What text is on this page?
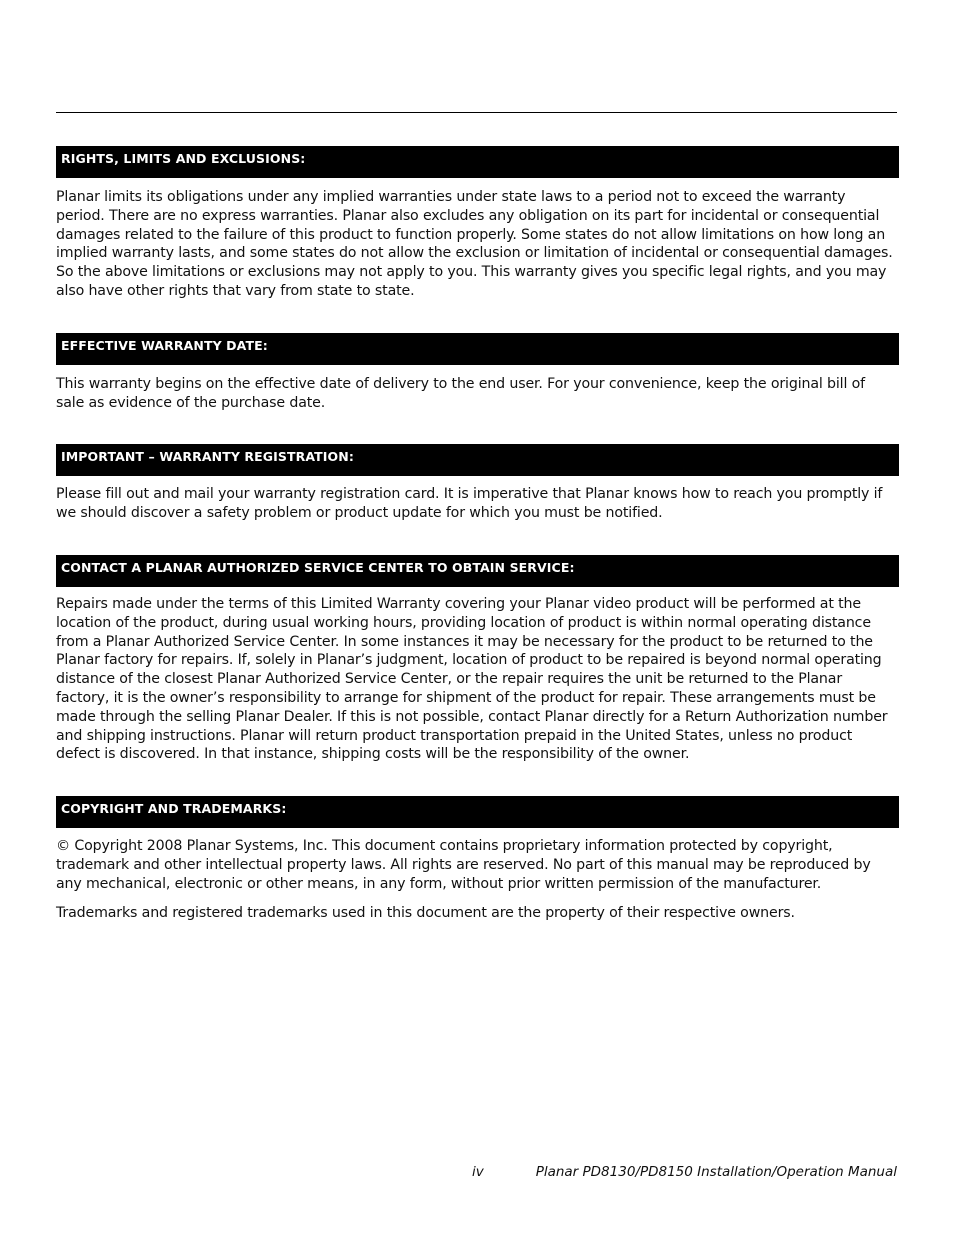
RIGHTS, LIMITS AND EXCLUSIONS:

Planar limits its obligations under any implied warranties under state laws to a period not to exceed the warranty period. There are no express warranties. Planar also excludes any obligation on its part for incidental or consequential damages related to the failure of this product to function properly. Some states do not allow limitations on how long an implied warranty lasts, and some states do not allow the exclusion or limitation of incidental or consequential damages. So the above limitations or exclusions may not apply to you. This warranty gives you specific legal rights, and you may also have other rights that vary from state to state.

EFFECTIVE WARRANTY DATE:

This warranty begins on the effective date of delivery to the end user. For your convenience, keep the original bill of sale as evidence of the purchase date.

IMPORTANT – WARRANTY REGISTRATION:

Please fill out and mail your warranty registration card. It is imperative that Planar knows how to reach you promptly if we should discover a safety problem or product update for which you must be notified.

CONTACT A PLANAR AUTHORIZED SERVICE CENTER TO OBTAIN SERVICE:

Repairs made under the terms of this Limited Warranty covering your Planar video product will be performed at the location of the product, during usual working hours, providing location of product is within normal operating distance from a Planar Authorized Service Center. In some instances it may be necessary for the product to be returned to the Planar factory for repairs. If, solely in Planar’s judgment, location of product to be repaired is beyond normal operating distance of the closest Planar Authorized Service Center, or the repair requires the unit be returned to the Planar factory, it is the owner’s responsibility to arrange for shipment of the product for repair. These arrangements must be made through the selling Planar Dealer. If this is not possible, contact Planar directly for a Return Authorization number and shipping instructions. Planar will return product transportation prepaid in the United States, unless no product defect is discovered. In that instance, shipping costs will be the responsibility of the owner.

COPYRIGHT AND TRADEMARKS:

© Copyright 2008 Planar Systems, Inc. This document contains proprietary information protected by copyright, trademark and other intellectual property laws. All rights are reserved. No part of this manual may be reproduced by any mechanical, electronic or other means, in any form, without prior written permission of the manufacturer.

Trademarks and registered trademarks used in this document are the property of their respective owners.

iv	Planar PD8130/PD8150 Installation/Operation Manual
